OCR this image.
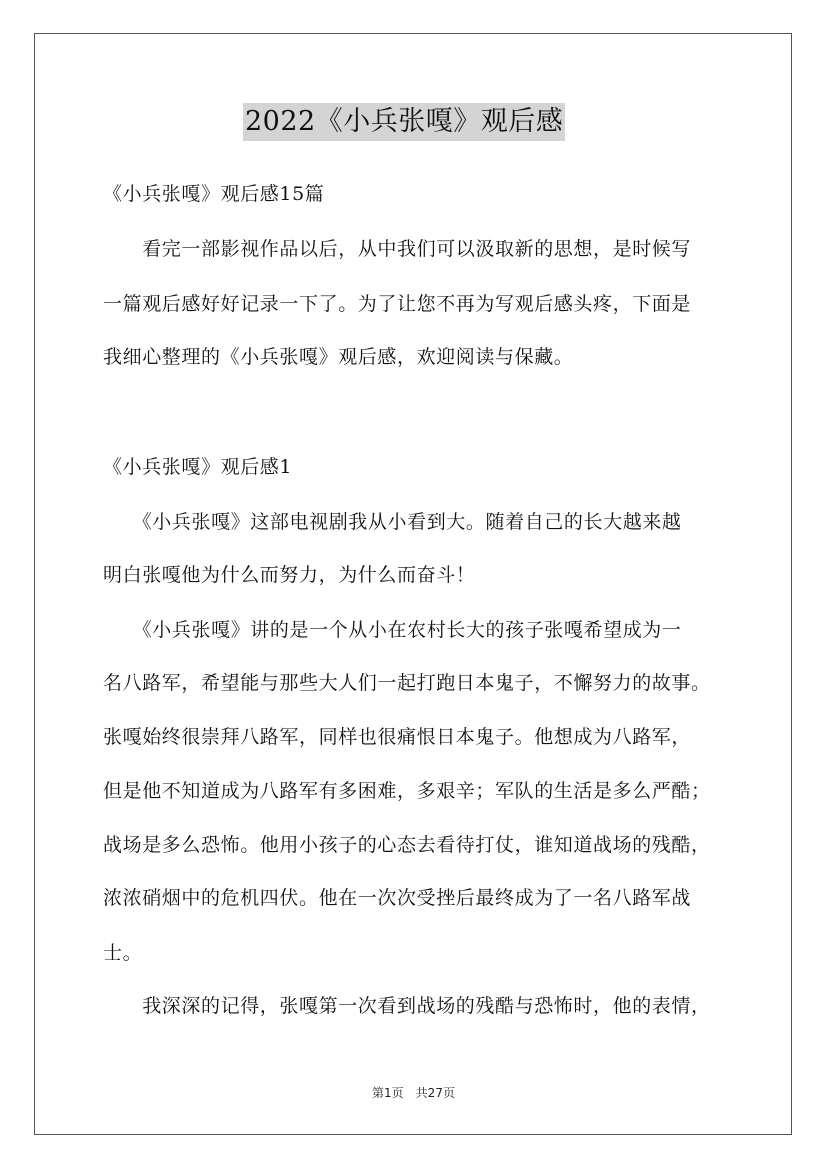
2022《小兵张嘎》观后感
《小兵张嘎》观后感15篇
　　看完一部影视作品以后，从中我们可以汲取新的思想，是时候写
一篇观后感好好记录一下了。为了让您不再为写观后感头疼，下面是
我细心整理的《小兵张嘎》观后感，欢迎阅读与保藏。
《小兵张嘎》观后感1
　　《小兵张嘎》这部电视剧我从小看到大。随着自己的长大越来越
明白张嘎他为什么而努力，为什么而奋斗！
　　《小兵张嘎》讲的是一个从小在农村长大的孩子张嘎希望成为一
名八路军，希望能与那些大人们一起打跑日本鬼子，不懈努力的故事。
张嘎始终很崇拜八路军，同样也很痛恨日本鬼子。他想成为八路军，
但是他不知道成为八路军有多困难，多艰辛；军队的生活是多么严酷；
战场是多么恐怖。他用小孩子的心态去看待打仗，谁知道战场的残酷，
浓浓硝烟中的危机四伏。他在一次次受挫后最终成为了一名八路军战
士。
　　我深深的记得，张嘎第一次看到战场的残酷与恐怖时，他的表情，
第1页　共27页
